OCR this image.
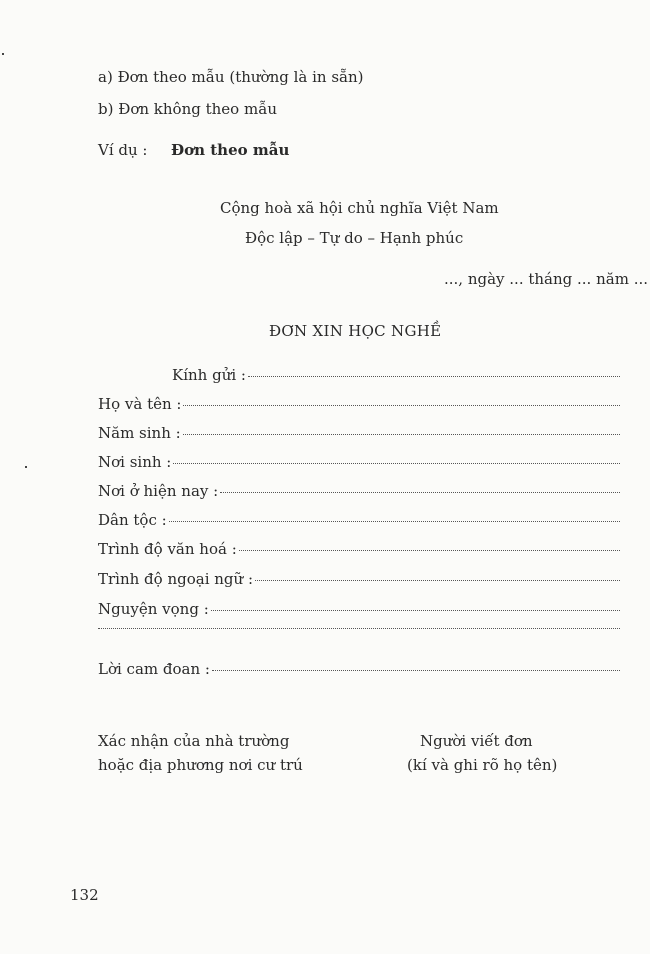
a) Đơn theo mẫu (thường là in sẵn)
b) Đơn không theo mẫu
Ví dụ : Đơn theo mẫu
Cộng hoà xã hội chủ nghĩa Việt Nam
Độc lập – Tự do – Hạnh phúc
..., ngày ... tháng ... năm ...
ĐƠN XIN HỌC NGHỀ
Kính gửi :
Họ và tên :
Năm sinh :
Nơi sinh :
Nơi ở hiện nay :
Dân tộc :
Trình độ văn hoá :
Trình độ ngoại ngữ :
Nguyện vọng :
Lời cam đoan :
Xác nhận của nhà trường
hoặc địa phương nơi cư trú
Người viết đơn
(kí và ghi rõ họ tên)
132
